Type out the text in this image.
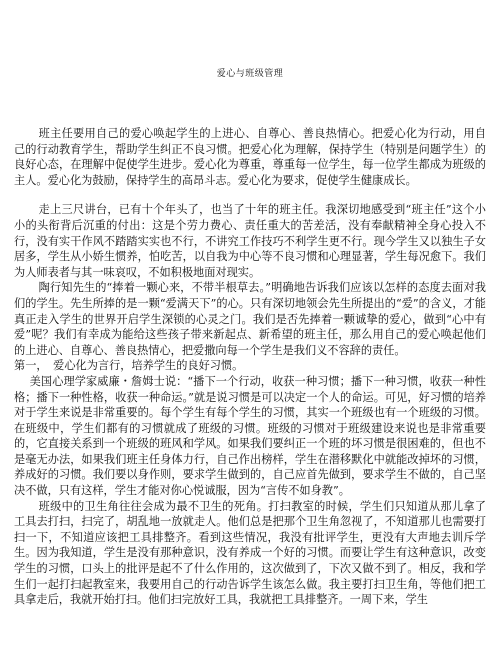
爱心与班级管理

班主任要用自己的爱心唤起学生的上进心、自尊心、善良热情心。把爱心化为行动，用自己的行动教育学生，帮助学生纠正不良习惯。把爱心化为理解，保持学生（特别是问题学生）的良好心态，在理解中促使学生进步。爱心化为尊重，尊重每一位学生，每一位学生都成为班级的主人。爱心化为鼓励，保持学生的高昂斗志。爱心化为要求，促使学生健康成长。

走上三尺讲台，已有十个年头了，也当了十年的班主任。我深切地感受到“班主任”这个小小的头衔背后沉重的付出：这是个劳力费心、责任重大的苦差活，没有奉献精神全身心投入不行，没有实干作风不踏踏实实也不行，不讲究工作技巧不利学生更不行。现今学生又以独生子女居多，学生从小娇生惯养，怕吃苦，以自我为中心等不良习惯和心理显著，学生每况愈下。我们为人师表者与其一味哀叹，不如积极地面对现实。

陶行知先生的“捧着一颗心来，不带半根草去。”明确地告诉我们应该以怎样的态度去面对我们的学生。先生所捧的是一颗“爱满天下”的心。只有深切地领会先生所提出的“爱”的含义，才能真正走入学生的世界开启学生深锁的心灵之门。我们是否先捧着一颗诚挚的爱心，做到“心中有爱”呢？我们有幸成为能给这些孩子带来新起点、新希望的班主任，那么用自己的爱心唤起他们的上进心、自尊心、善良热情心，把爱撒向每一个学生是我们义不容辞的责任。

第一，　爱心化为言行，培养学生的良好习惯。

美国心理学家威廉・詹姆士说：“播下一个行动，收获一种习惯；播下一种习惯，收获一种性格；播下一种性格，收获一种命运。”就是说习惯是可以决定一个人的命运。可见，好习惯的培养对于学生来说是非常重要的。每个学生有每个学生的习惯，其实一个班级也有一个班级的习惯。在班级中，学生们都有的习惯就成了班级的习惯。班级的习惯对于班级建设来说也是非常重要的，它直接关系到一个班级的班风和学风。如果我们要纠正一个班的坏习惯是很困难的，但也不是毫无办法，如果我们班主任身体力行，自己作出榜样，学生在潜移默化中就能改掉坏的习惯，养成好的习惯。我们要以身作则，要求学生做到的，自己应首先做到，要求学生不做的，自己坚决不做，只有这样，学生才能对你心悦诚服，因为“言传不如身教”。

班级中的卫生角往往会成为最不卫生的死角。打扫教室的时候，学生们只知道从那儿拿了工具去打扫，扫完了，胡乱地一放就走人。他们总是把那个卫生角忽视了，不知道那儿也需要打扫一下，不知道应该把工具排整齐。看到这些情况，我没有批评学生，更没有大声地去训斥学生。因为我知道，学生是没有那种意识，没有养成一个好的习惯。而要让学生有这种意识，改变学生的习惯，口头上的批评是起不了什么作用的，这次做到了，下次又做不到了。相反，我和学生们一起打扫起教室来，我要用自己的行动告诉学生该怎么做。我主要打扫卫生角，等他们把工具拿走后，我就开始打扫。他们扫完放好工具，我就把工具排整齐。一周下来，学生
